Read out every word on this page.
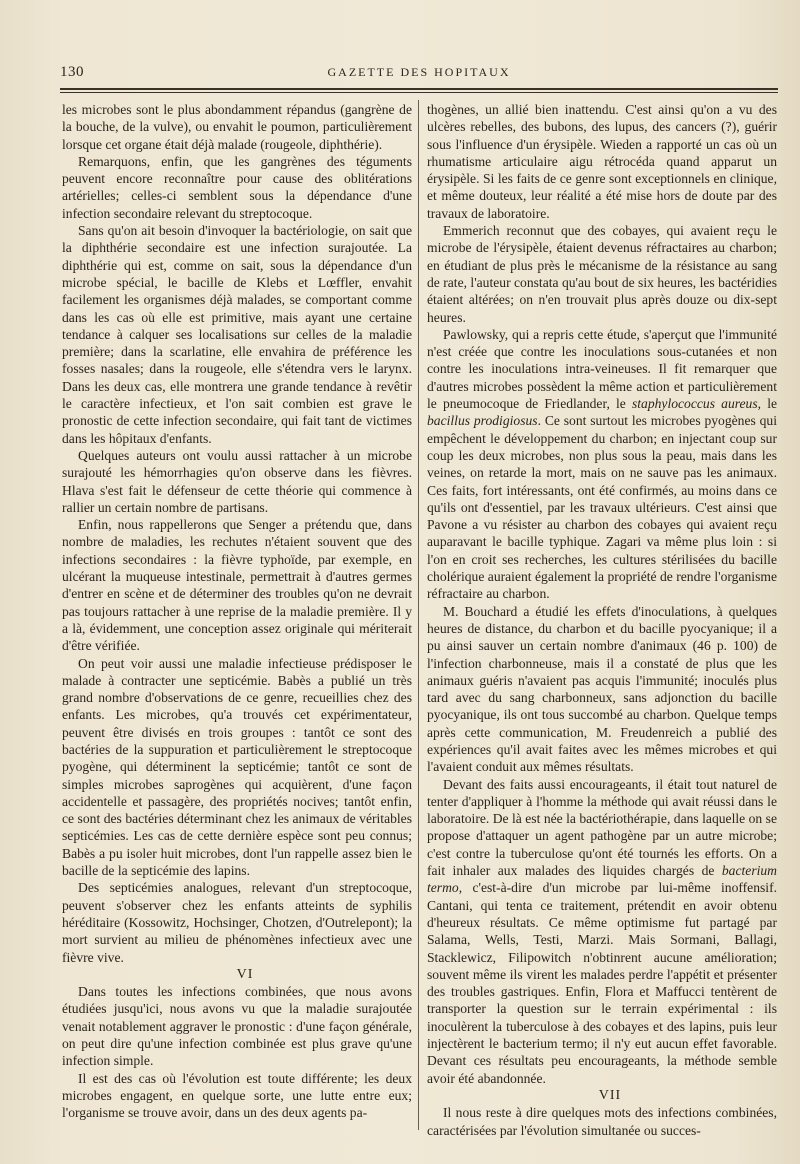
130	GAZETTE DES HOPITAUX

les microbes sont le plus abondamment répandus (gangrène de la bouche, de la vulve), ou envahit le poumon, particulièrement lorsque cet organe était déjà malade (rougeole, diphthérie).

Remarquons, enfin, que les gangrènes des téguments peuvent encore reconnaître pour cause des oblitérations artérielles; celles-ci semblent sous la dépendance d'une infection secondaire relevant du streptocoque.

Sans qu'on ait besoin d'invoquer la bactériologie, on sait que la diphthérie secondaire est une infection surajoutée. La diphthérie qui est, comme on sait, sous la dépendance d'un microbe spécial, le bacille de Klebs et Lœffler, envahit facilement les organismes déjà malades, se comportant comme dans les cas où elle est primitive, mais ayant une certaine tendance à calquer ses localisations sur celles de la maladie première; dans la scarlatine, elle envahira de préférence les fosses nasales; dans la rougeole, elle s'étendra vers le larynx. Dans les deux cas, elle montrera une grande tendance à revêtir le caractère infectieux, et l'on sait combien est grave le pronostic de cette infection secondaire, qui fait tant de victimes dans les hôpitaux d'enfants.

Quelques auteurs ont voulu aussi rattacher à un microbe surajouté les hémorrhagies qu'on observe dans les fièvres. Hlava s'est fait le défenseur de cette théorie qui commence à rallier un certain nombre de partisans.

Enfin, nous rappellerons que Senger a prétendu que, dans nombre de maladies, les rechutes n'étaient souvent que des infections secondaires : la fièvre typhoïde, par exemple, en ulcérant la muqueuse intestinale, permettrait à d'autres germes d'entrer en scène et de déterminer des troubles qu'on ne devrait pas toujours rattacher à une reprise de la maladie première. Il y a là, évidemment, une conception assez originale qui mériterait d'être vérifiée.

On peut voir aussi une maladie infectieuse prédisposer le malade à contracter une septicémie. Babès a publié un très grand nombre d'observations de ce genre, recueillies chez des enfants. Les microbes, qu'a trouvés cet expérimentateur, peuvent être divisés en trois groupes : tantôt ce sont des bactéries de la suppuration et particulièrement le streptocoque pyogène, qui déterminent la septicémie; tantôt ce sont de simples microbes saprogènes qui acquièrent, d'une façon accidentelle et passagère, des propriétés nocives; tantôt enfin, ce sont des bactéries déterminant chez les animaux de véritables septicémies. Les cas de cette dernière espèce sont peu connus; Babès a pu isoler huit microbes, dont l'un rappelle assez bien le bacille de la septicémie des lapins.

Des septicémies analogues, relevant d'un streptocoque, peuvent s'observer chez les enfants atteints de syphilis héréditaire (Kossowitz, Hochsinger, Chotzen, d'Outrelepont); la mort survient au milieu de phénomènes infectieux avec une fièvre vive.

VI

Dans toutes les infections combinées, que nous avons étudiées jusqu'ici, nous avons vu que la maladie surajoutée venait notablement aggraver le pronostic : d'une façon générale, on peut dire qu'une infection combinée est plus grave qu'une infection simple.

Il est des cas où l'évolution est toute différente; les deux microbes engagent, en quelque sorte, une lutte entre eux; l'organisme se trouve avoir, dans un des deux agents pa-

thogènes, un allié bien inattendu. C'est ainsi qu'on a vu des ulcères rebelles, des bubons, des lupus, des cancers (?), guérir sous l'influence d'un érysipèle. Wieden a rapporté un cas où un rhumatisme articulaire aigu rétrocéda quand apparut un érysipèle. Si les faits de ce genre sont exceptionnels en clinique, et même douteux, leur réalité a été mise hors de doute par des travaux de laboratoire.

Emmerich reconnut que des cobayes, qui avaient reçu le microbe de l'érysipèle, étaient devenus réfractaires au charbon; en étudiant de plus près le mécanisme de la résistance au sang de rate, l'auteur constata qu'au bout de six heures, les bactéridies étaient altérées; on n'en trouvait plus après douze ou dix-sept heures.

Pawlowsky, qui a repris cette étude, s'aperçut que l'immunité n'est créée que contre les inoculations sous-cutanées et non contre les inoculations intra-veineuses. Il fit remarquer que d'autres microbes possèdent la même action et particulièrement le pneumocoque de Friedlander, le staphylococcus aureus, le bacillus prodigiosus. Ce sont surtout les microbes pyogènes qui empêchent le développement du charbon; en injectant coup sur coup les deux microbes, non plus sous la peau, mais dans les veines, on retarde la mort, mais on ne sauve pas les animaux. Ces faits, fort intéressants, ont été confirmés, au moins dans ce qu'ils ont d'essentiel, par les travaux ultérieurs. C'est ainsi que Pavone a vu résister au charbon des cobayes qui avaient reçu auparavant le bacille typhique. Zagari va même plus loin : si l'on en croit ses recherches, les cultures stérilisées du bacille cholérique auraient également la propriété de rendre l'organisme réfractaire au charbon.

M. Bouchard a étudié les effets d'inoculations, à quelques heures de distance, du charbon et du bacille pyocyanique; il a pu ainsi sauver un certain nombre d'animaux (46 p. 100) de l'infection charbonneuse, mais il a constaté de plus que les animaux guéris n'avaient pas acquis l'immunité; inoculés plus tard avec du sang charbonneux, sans adjonction du bacille pyocyanique, ils ont tous succombé au charbon. Quelque temps après cette communication, M. Freudenreich a publié des expériences qu'il avait faites avec les mêmes microbes et qui l'avaient conduit aux mêmes résultats.

Devant des faits aussi encourageants, il était tout naturel de tenter d'appliquer à l'homme la méthode qui avait réussi dans le laboratoire. De là est née la bactériothérapie, dans laquelle on se propose d'attaquer un agent pathogène par un autre microbe; c'est contre la tuberculose qu'ont été tournés les efforts. On a fait inhaler aux malades des liquides chargés de bacterium termo, c'est-à-dire d'un microbe par lui-même inoffensif. Cantani, qui tenta ce traitement, prétendit en avoir obtenu d'heureux résultats. Ce même optimisme fut partagé par Salama, Wells, Testi, Marzi. Mais Sormani, Ballagi, Stacklewicz, Filipowitch n'obtinrent aucune amélioration; souvent même ils virent les malades perdre l'appétit et présenter des troubles gastriques. Enfin, Flora et Maffucci tentèrent de transporter la question sur le terrain expérimental : ils inoculèrent la tuberculose à des cobayes et des lapins, puis leur injectèrent le bacterium termo; il n'y eut aucun effet favorable. Devant ces résultats peu encourageants, la méthode semble avoir été abandonnée.

VII

Il nous reste à dire quelques mots des infections combinées, caractérisées par l'évolution simultanée ou succes-
